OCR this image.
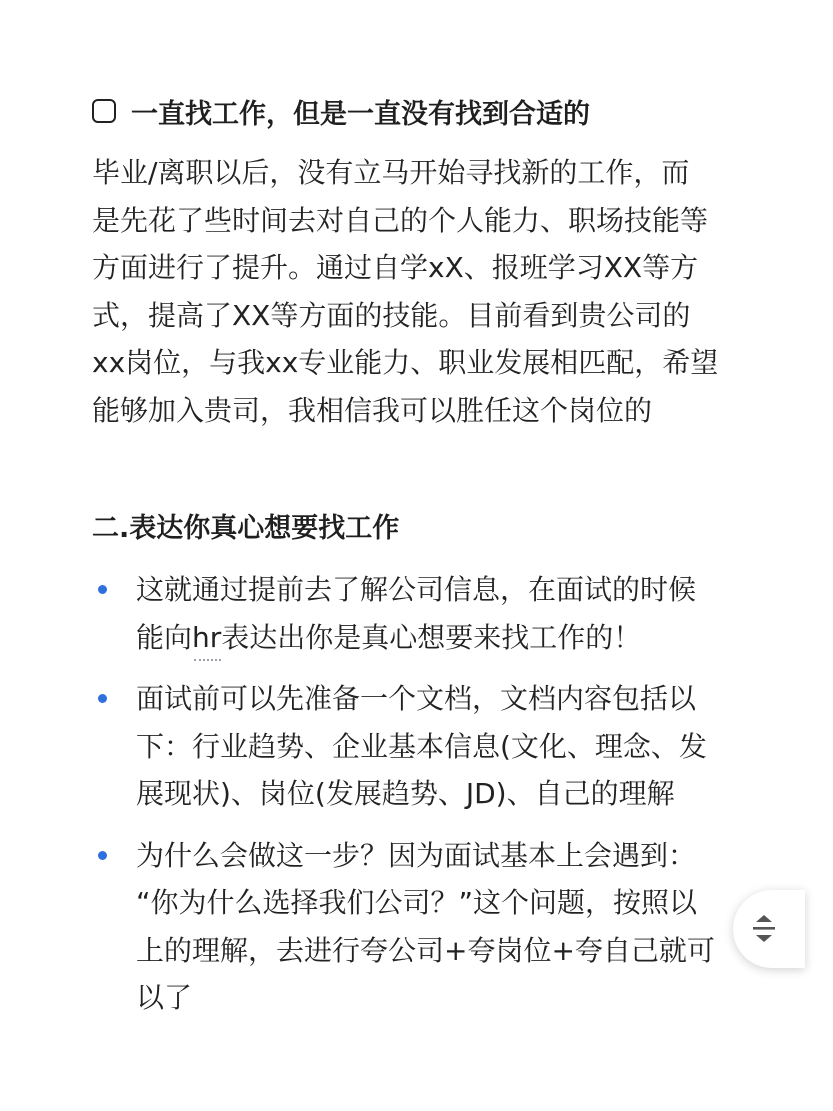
一直找工作，但是一直没有找到合适的
毕业/离职以后，没有立马开始寻找新的工作，而
是先花了些时间去对自己的个人能力、职场技能等
方面进行了提升。通过自学xX、报班学习XX等方
式，提高了XX等方面的技能。目前看到贵公司的
xx岗位，与我xx专业能力、职业发展相匹配，希望
能够加入贵司，我相信我可以胜任这个岗位的
二.表达你真心想要找工作
这就通过提前去了解公司信息，在面试的时候
能向hr
表达出你是真心想要来找工作的！
面试前可以先准备一个文档，文档内容包括以
下：行业趋势、企业基本信息(文化、理念、发
展现状)、岗位(发展趋势、JD)、自己的理解
为什么会做这一步？因为面试基本上会遇到：
“你为什么选择我们公司？”这个问题，按照以
上的理解，去进行夸公司+夸岗位+夸自己就可
以了
